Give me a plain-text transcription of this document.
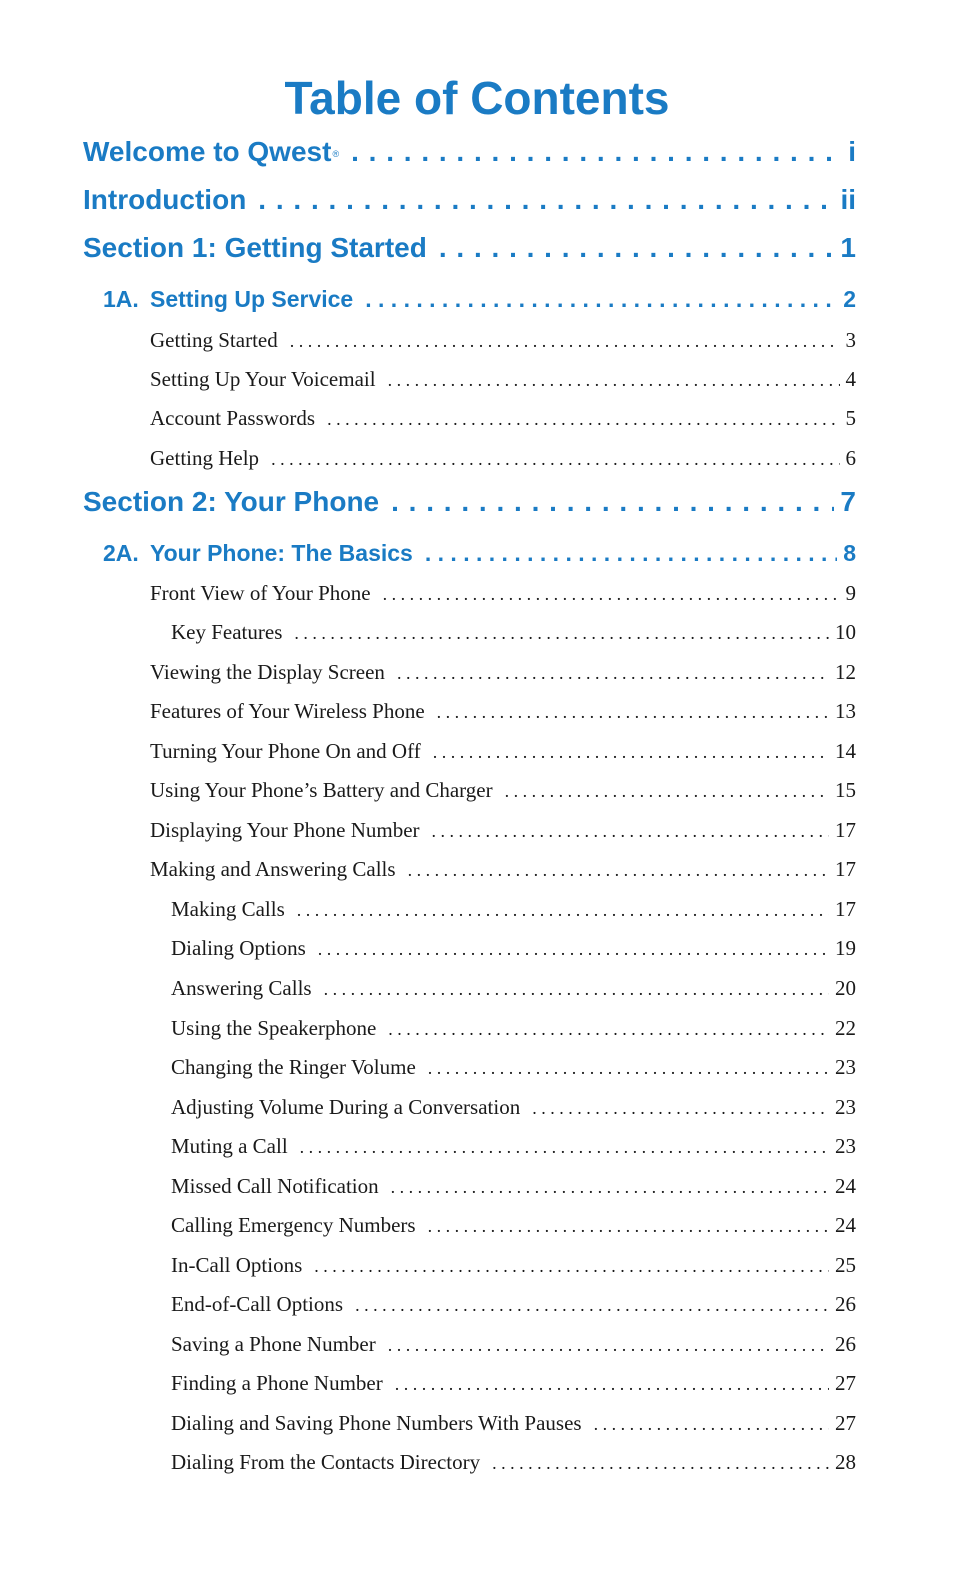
Table of Contents
Welcome to Qwest® . . .	i
Introduction . . .	ii
Section 1: Getting Started . . .	1
1A. Setting Up Service . . .	2
Getting Started . . .	3
Setting Up Your Voicemail . . .	4
Account Passwords . . .	5
Getting Help . . .	6
Section 2: Your Phone . . .	7
2A. Your Phone: The Basics . . .	8
Front View of Your Phone . . .	9
Key Features . . .	10
Viewing the Display Screen . . .	12
Features of Your Wireless Phone . . .	13
Turning Your Phone On and Off . . .	14
Using Your Phone’s Battery and Charger . . .	15
Displaying Your Phone Number . . .	17
Making and Answering Calls . . .	17
Making Calls . . .	17
Dialing Options . . .	19
Answering Calls . . .	20
Using the Speakerphone . . .	22
Changing the Ringer Volume . . .	23
Adjusting Volume During a Conversation . . .	23
Muting a Call . . .	23
Missed Call Notification . . .	24
Calling Emergency Numbers . . .	24
In-Call Options . . .	25
End-of-Call Options . . .	26
Saving a Phone Number . . .	26
Finding a Phone Number . . .	27
Dialing and Saving Phone Numbers With Pauses . . .	27
Dialing From the Contacts Directory . . .	28
